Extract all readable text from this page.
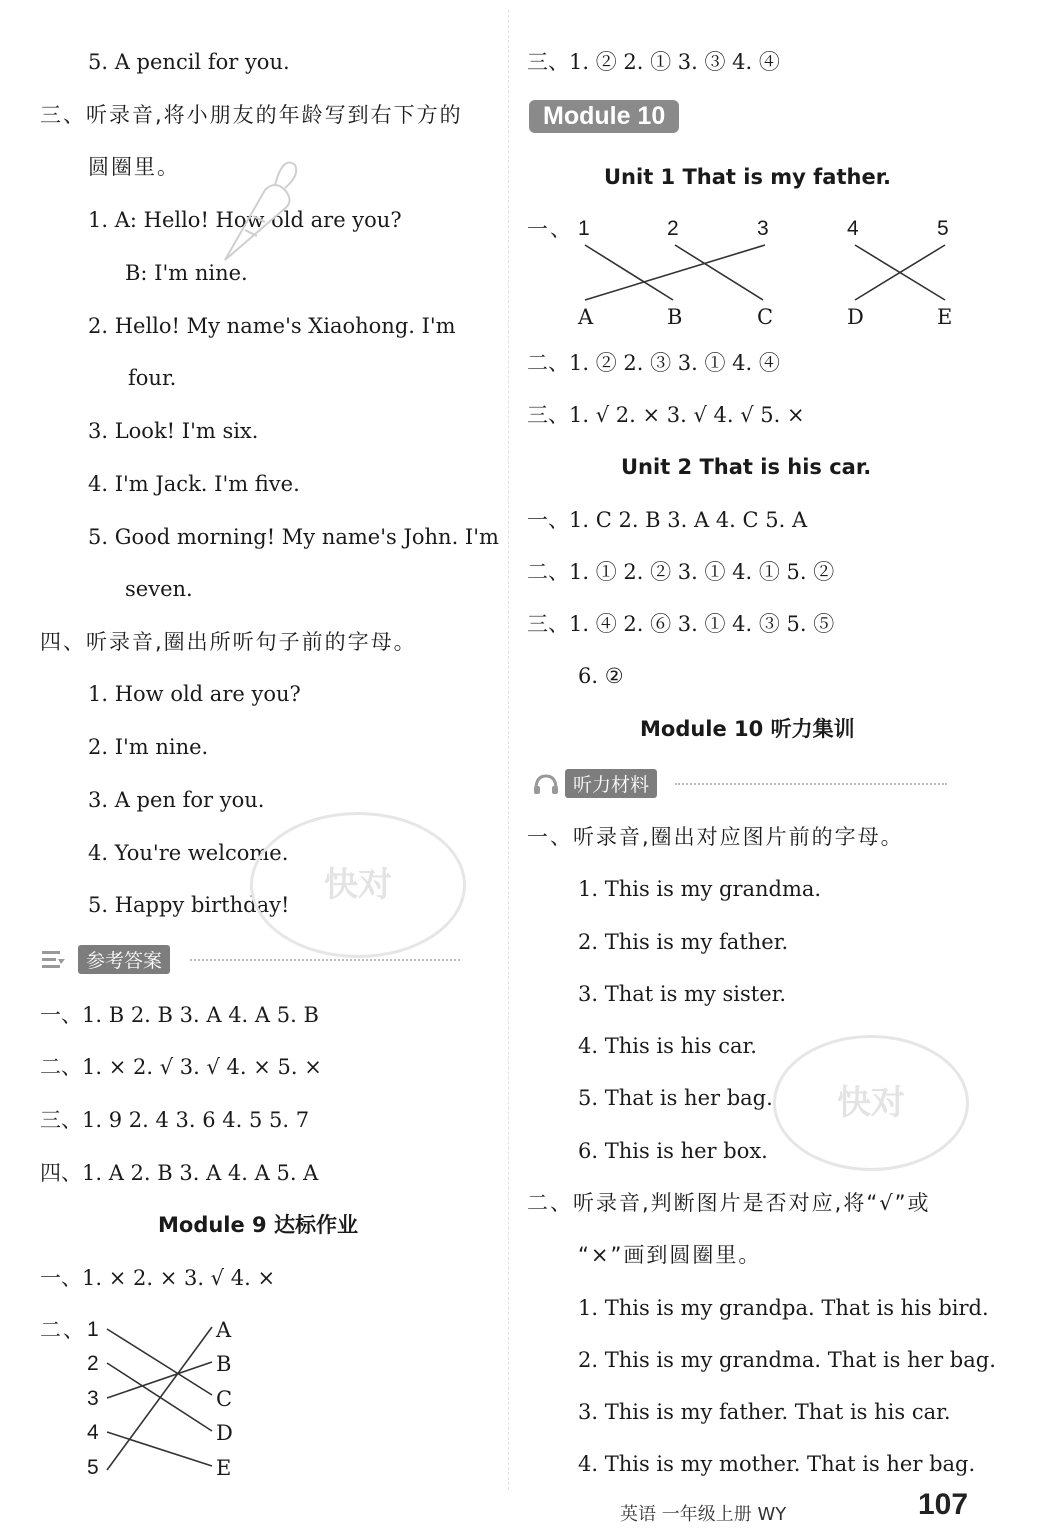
5. A pencil for you.
三、听录音,将小朋友的年龄写到右下方的
圆圈里。
1. A: Hello! How old are you?
B: I'm nine.
2. Hello! My name's Xiaohong. I'm
four.
3. Look! I'm six.
4. I'm Jack. I'm five.
5. Good morning! My name's John. I'm
seven.
四、听录音,圈出所听句子前的字母。
1. How old are you?
2. I'm nine.
3. A pen for you.
4. You're welcome.
5. Happy birthday!
参考答案
一、1. B 2. B 3. A 4. A 5. B
二、1. × 2. √ 3. √ 4. × 5. ×
三、1. 9 2. 4 3. 6 4. 5 5. 7
四、1. A 2. B 3. A 4. A 5. A
Module 9 达标作业
一、1. × 2. × 3. √ 4. ×
二、 1
2
3
4
5
A
B
C
D
E
快对
三、1. ② 2. ① 3. ③ 4. ④
Module 10
Unit 1 That is my father.
一、 1	2	3	4	5
A	B	C	D	E
二、1. ② 2. ③ 3. ① 4. ④
三、1. √ 2. × 3. √ 4. √ 5. ×
Unit 2 That is his car.
一、1. C 2. B 3. A 4. C 5. A
二、1. ① 2. ② 3. ① 4. ① 5. ②
三、1. ④ 2. ⑥ 3. ① 4. ③ 5. ⑤
6. ②
Module 10 听力集训
听力材料
一、听录音,圈出对应图片前的字母。
1. This is my grandma.
2. This is my father.
3. That is my sister.
4. This is his car.
5. That is her bag.
6. This is her box.
二、听录音,判断图片是否对应,将“√”或
“×”画到圆圈里。
1. This is my grandpa. That is his bird.
2. This is my grandma. That is her bag.
3. This is my father. That is his car.
4. This is my mother. That is her bag.
快对
英语 一年级上册 WY	107
